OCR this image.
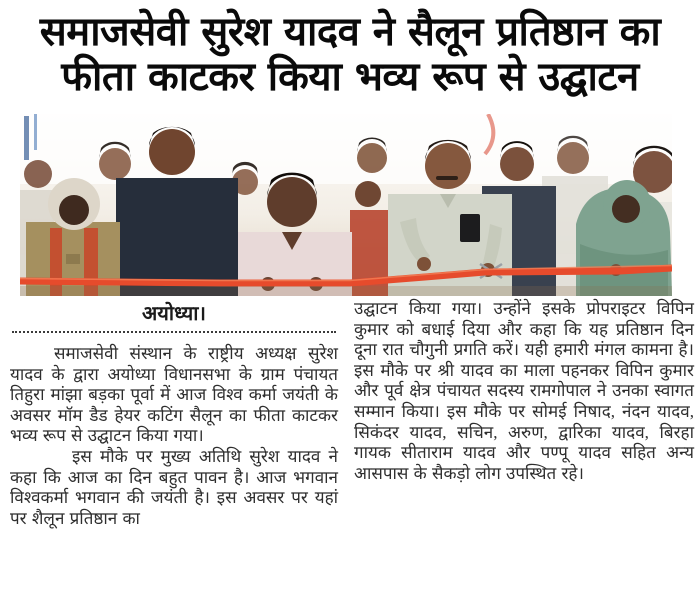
समाजसेवी सुरेश यादव ने सैलून प्रतिष्ठान का
फीता काटकर किया भव्य रूप से उद्घाटन
अयोध्या।

समाजसेवी संस्थान के राष्ट्रीय अध्यक्ष सुरेश यादव के द्वारा अयोध्या विधानसभा के ग्राम पंचायत तिहुरा मांझा बड़का पूर्वा में आज विश्व कर्मा जयंती के अवसर मॉम डैड हेयर कटिंग सैलून का फीता काटकर भव्य रूप से उद्घाटन किया गया।

इस मौके पर मुख्य अतिथि सुरेश यादव ने कहा कि आज का दिन बहुत पावन है। आज भगवान विश्वकर्मा भगवान की जयंती है। इस अवसर पर यहां पर शैलून प्रतिष्ठान का

उद्घाटन किया गया। उन्होंने इसके प्रोपराइटर विपिन कुमार को बधाई दिया और कहा कि यह प्रतिष्ठान दिन दूना रात चौगुनी प्रगति करें। यही हमारी मंगल कामना है। इस मौके पर श्री यादव का माला पहनकर विपिन कुमार और पूर्व क्षेत्र पंचायत सदस्य रामगोपाल ने उनका स्वागत सम्मान किया। इस मौके पर सोमई निषाद, नंदन यादव, सिकंदर यादव, सचिन, अरुण, द्वारिका यादव, बिरहा गायक सीताराम यादव और पण्पू यादव सहित अन्य आसपास के सैकड़ो लोग उपस्थित रहे।
